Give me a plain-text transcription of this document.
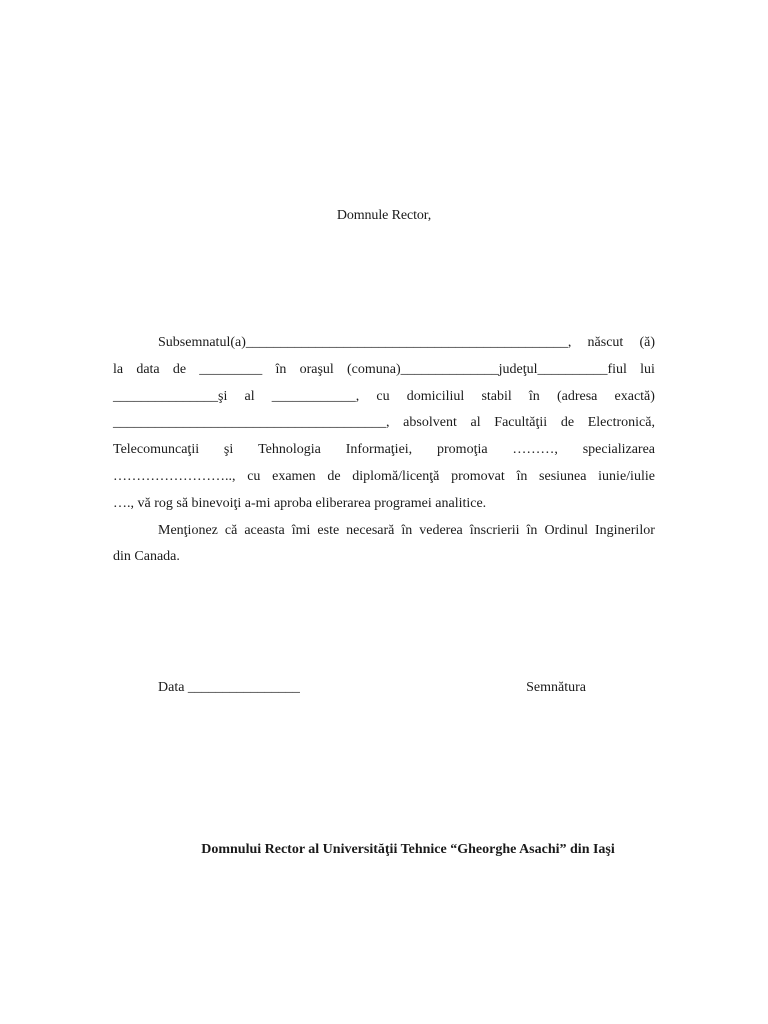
Domnule Rector,
Subsemnatul(a)______________________________________________, născut (ă)
la data de _________ în oraşul (comuna)______________judeţul__________fiul lui
_______________şi al ____________, cu domiciliul stabil în (adresa exactă)
_______________________________________, absolvent al Facultăţii de Electronică,
Telecomuncaţii şi Tehnologia Informaţiei, promoţia ………, specializarea
…………………….., cu examen de diplomă/licenţă promovat în sesiunea iunie/iulie
…., vă rog să binevoiţi a-mi aproba eliberarea programei analitice.
Menţionez că aceasta îmi este necesară în vederea înscrierii în Ordinul Inginerilor
din Canada.
Data ________________	Semnătura
Domnului Rector al Universităţii Tehnice “Gheorghe Asachi” din Iaşi
